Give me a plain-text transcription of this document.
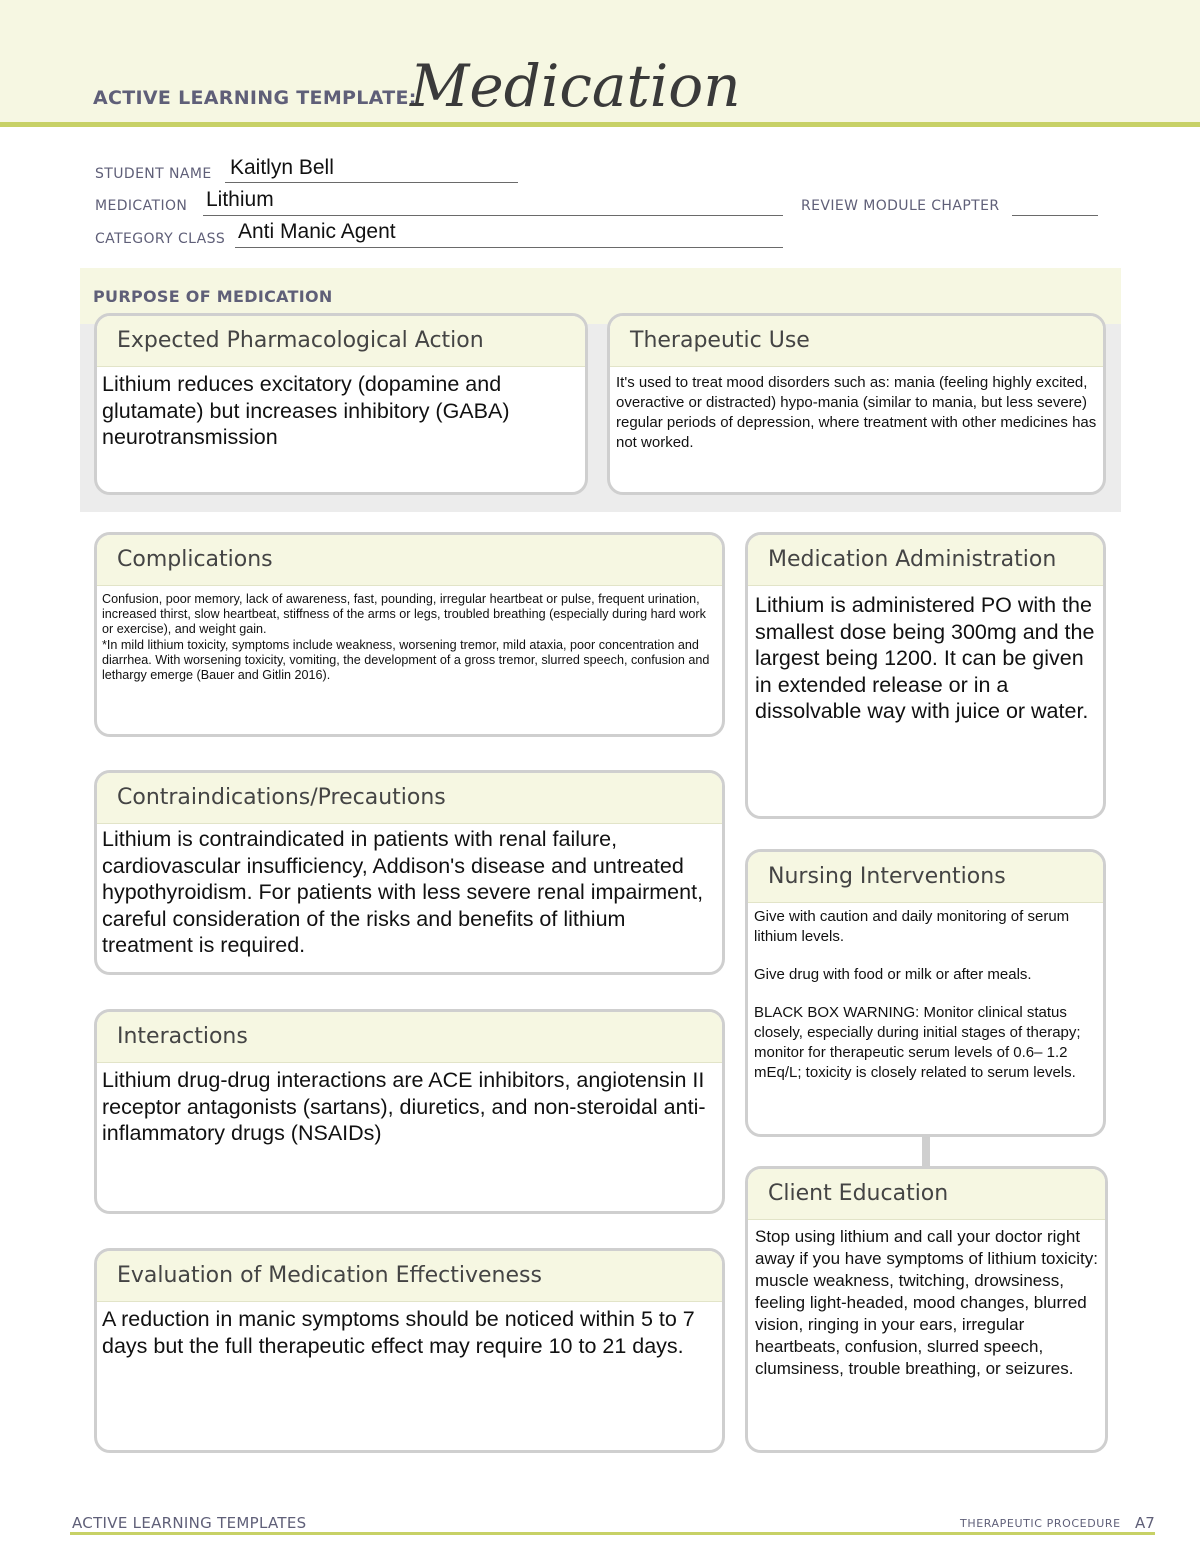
ACTIVE LEARNING TEMPLATE:
Medication
STUDENT NAME Kaitlyn Bell
MEDICATION Lithium	REVIEW MODULE CHAPTER
CATEGORY CLASS Anti Manic Agent
PURPOSE OF MEDICATION
Expected Pharmacological Action
Lithium reduces excitatory (dopamine and glutamate) but increases inhibitory (GABA) neurotransmission
Therapeutic Use
It's used to treat mood disorders such as: mania (feeling highly excited, overactive or distracted) hypo-mania (similar to mania, but less severe) regular periods of depression, where treatment with other medicines has not worked.
Complications
Confusion, poor memory, lack of awareness, fast, pounding, irregular heartbeat or pulse, frequent urination, increased thirst, slow heartbeat, stiffness of the arms or legs, troubled breathing (especially during hard work or exercise), and weight gain.
*In mild lithium toxicity, symptoms include weakness, worsening tremor, mild ataxia, poor concentration and diarrhea. With worsening toxicity, vomiting, the development of a gross tremor, slurred speech, confusion and lethargy emerge (Bauer and Gitlin 2016).
Medication Administration
Lithium is administered PO with the smallest dose being 300mg and the largest being 1200. It can be given in extended release or in a dissolvable way with juice or water.
Contraindications/Precautions
Lithium is contraindicated in patients with renal failure, cardiovascular insufficiency, Addison's disease and untreated hypothyroidism. For patients with less severe renal impairment, careful consideration of the risks and benefits of lithium treatment is required.
Nursing Interventions

Give with caution and daily monitoring of serum lithium levels.

Give drug with food or milk or after meals.

BLACK BOX WARNING: Monitor clinical status closely, especially during initial stages of therapy; monitor for therapeutic serum levels of 0.6– 1.2 mEq/L; toxicity is closely related to serum levels.

Interactions
Lithium drug-drug interactions are ACE inhibitors, angiotensin II receptor antagonists (sartans), diuretics, and non-steroidal anti-inflammatory drugs (NSAIDs)
Client Education
Stop using lithium and call your doctor right away if you have symptoms of lithium toxicity: muscle weakness, twitching, drowsiness, feeling light-headed, mood changes, blurred vision, ringing in your ears, irregular heartbeats, confusion, slurred speech, clumsiness, trouble breathing, or seizures.
Evaluation of Medication Effectiveness
A reduction in manic symptoms should be noticed within 5 to 7 days but the full therapeutic effect may require 10 to 21 days.
ACTIVE LEARNING TEMPLATES	THERAPEUTIC PROCEDURE A7
